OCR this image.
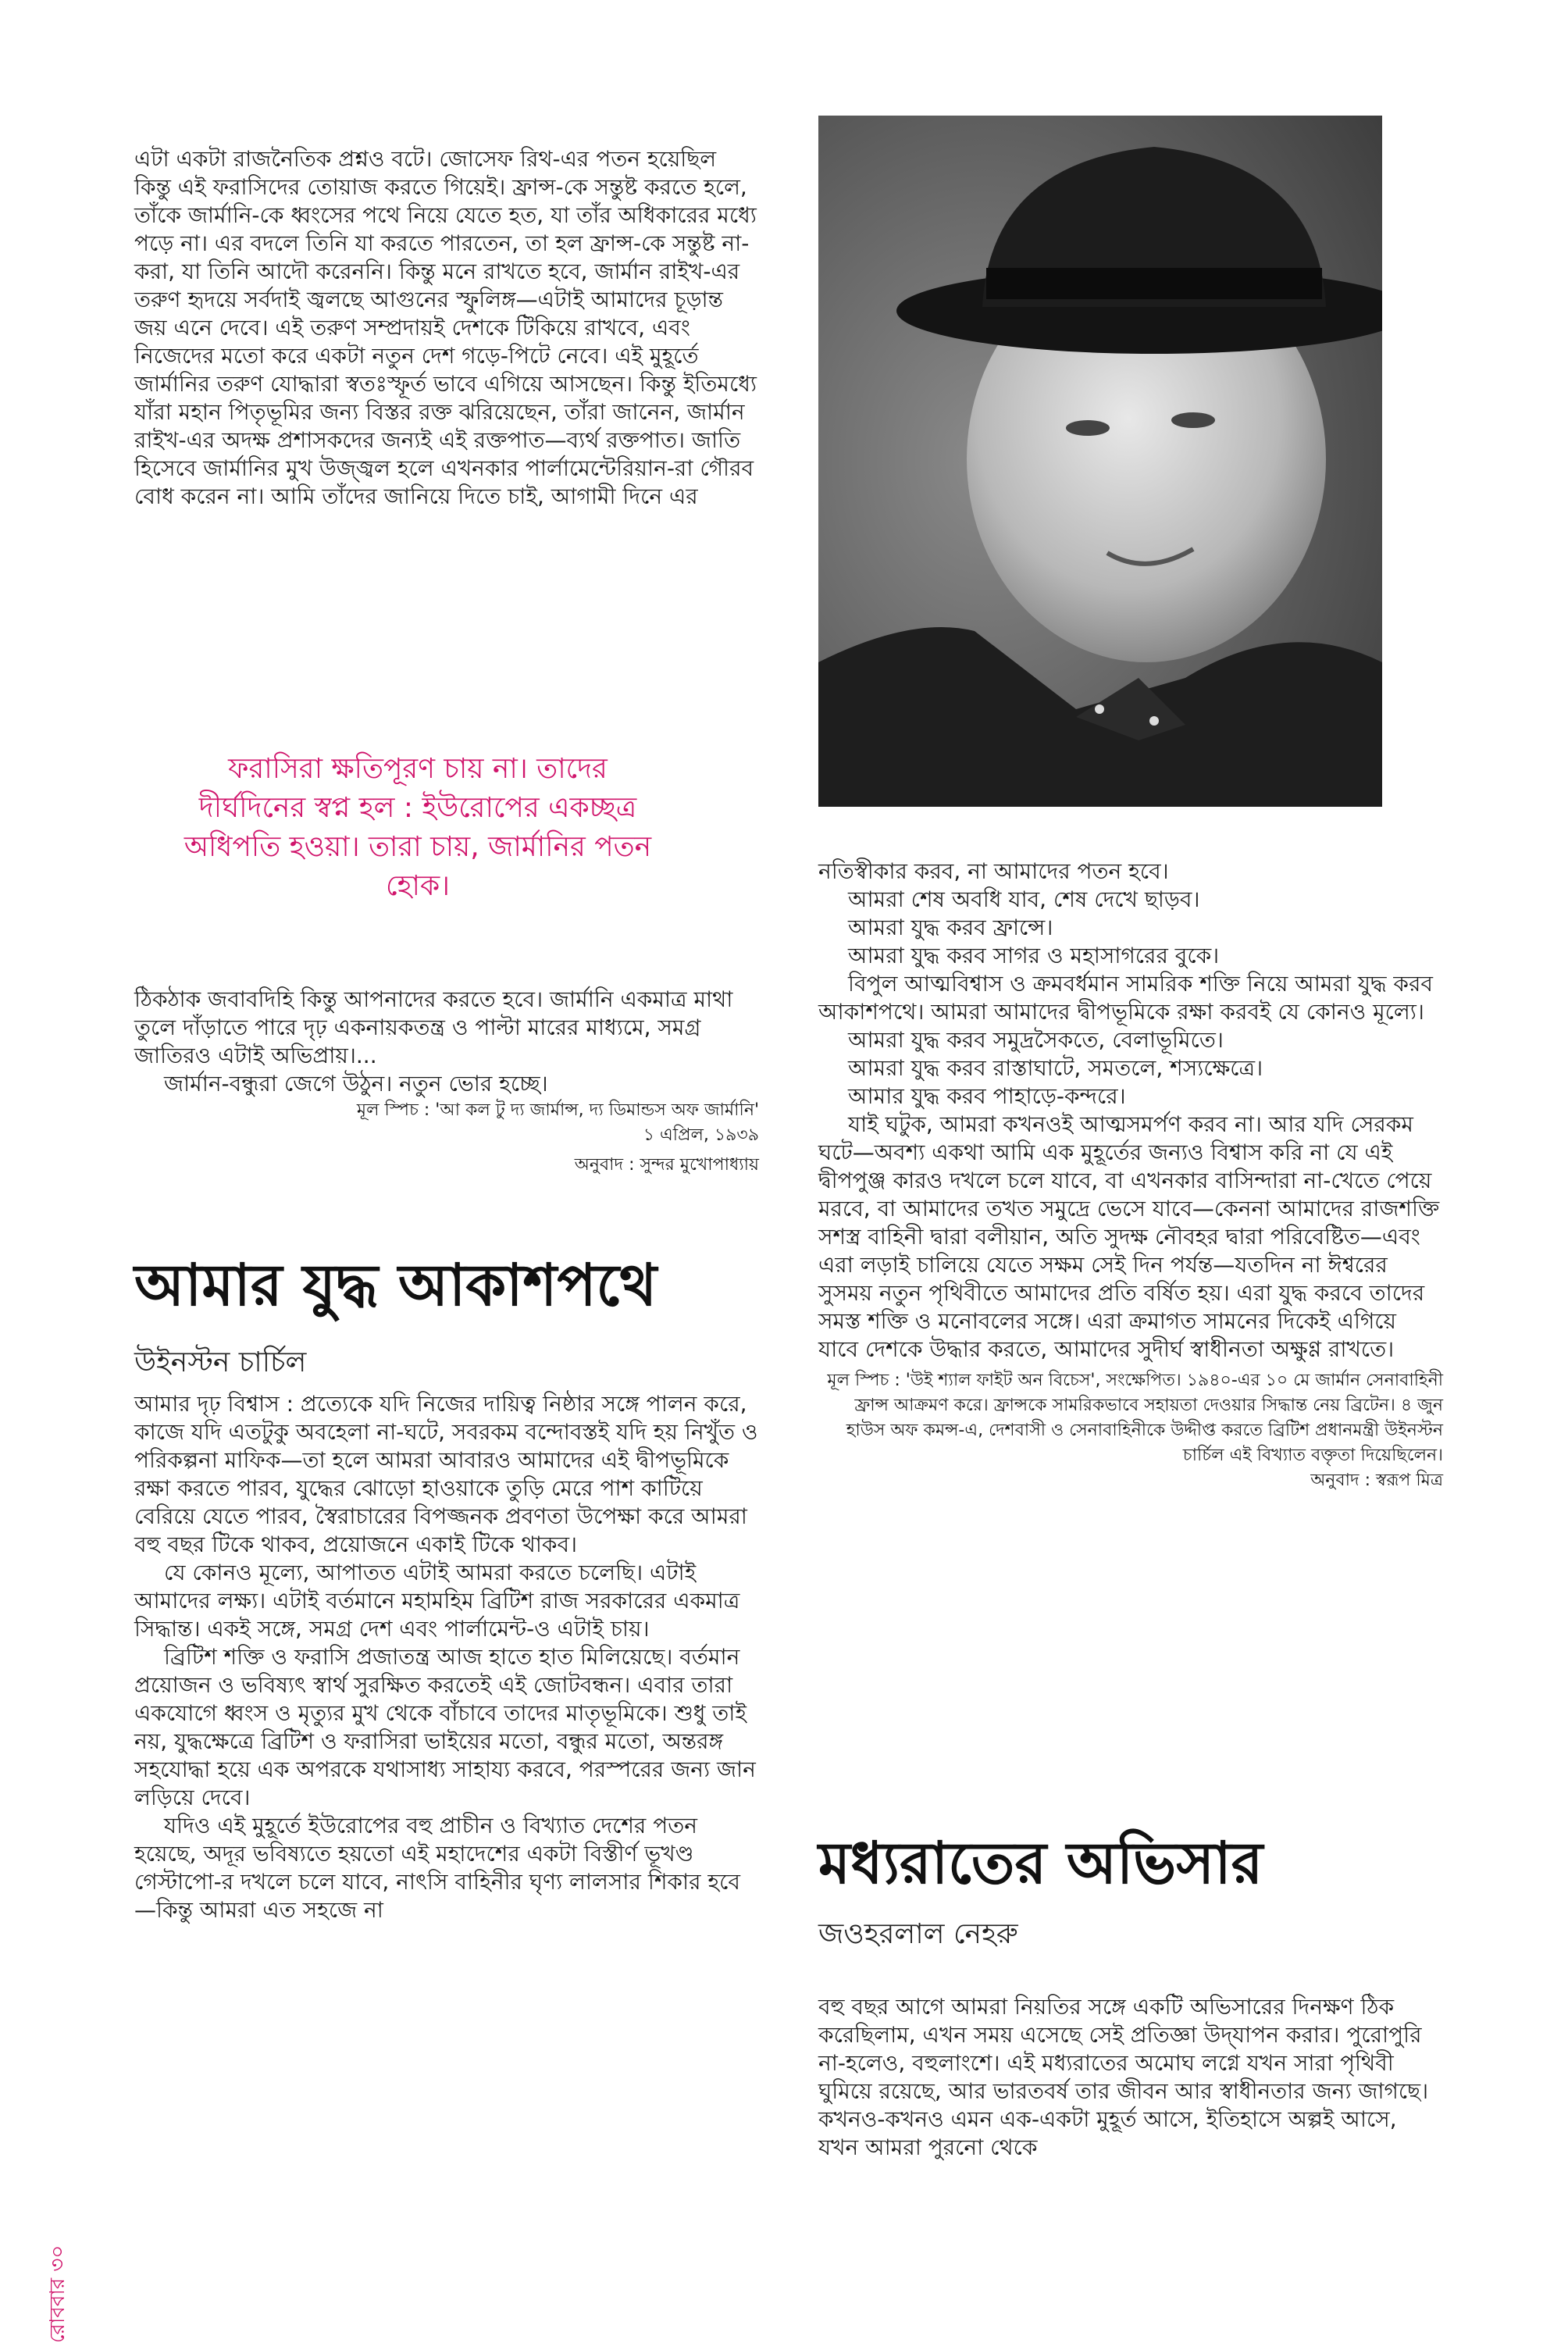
এটা একটা রাজনৈতিক প্রশ্নও বটে। জোসেফ রিথ-এর পতন হয়েছিল কিন্তু এই ফরাসিদের তোয়াজ করতে গিয়েই। ফ্রান্স-কে সন্তুষ্ট করতে হলে, তাঁকে জার্মানি-কে ধ্বংসের পথে নিয়ে যেতে হত, যা তাঁর অধিকারের মধ্যে পড়ে না। এর বদলে তিনি যা করতে পারতেন, তা হল ফ্রান্স-কে সন্তুষ্ট না-করা, যা তিনি আদৌ করেননি। কিন্তু মনে রাখতে হবে, জার্মান রাইখ-এর তরুণ হৃদয়ে সর্বদাই জ্বলছে আগুনের স্ফুলিঙ্গ—এটাই আমাদের চূড়ান্ত জয় এনে দেবে। এই তরুণ সম্প্রদায়ই দেশকে টিকিয়ে রাখবে, এবং নিজেদের মতো করে একটা নতুন দেশ গড়ে-পিটে নেবে। এই মুহূর্তে জার্মানির তরুণ যোদ্ধারা স্বতঃস্ফূর্ত ভাবে এগিয়ে আসছেন। কিন্তু ইতিমধ্যে যাঁরা মহান পিতৃভূমির জন্য বিস্তর রক্ত ঝরিয়েছেন, তাঁরা জানেন, জার্মান রাইখ-এর অদক্ষ প্রশাসকদের জন্যই এই রক্তপাত—ব্যর্থ রক্তপাত। জাতি হিসেবে জার্মানির মুখ উজ্জ্বল হলে এখনকার পার্লামেন্টেরিয়ান-রা গৌরব বোধ করেন না। আমি তাঁদের জানিয়ে দিতে চাই, আগামী দিনে এর

ফরাসিরা ক্ষতিপূরণ চায় না। তাদের দীর্ঘদিনের স্বপ্ন হল : ইউরোপের একচ্ছত্র অধিপতি হওয়া। তারা চায়, জার্মানির পতন হোক।

ঠিকঠাক জবাবদিহি কিন্তু আপনাদের করতে হবে। জার্মানি একমাত্র মাথা তুলে দাঁড়াতে পারে দৃঢ় একনায়কতন্ত্র ও পাল্টা মারের মাধ্যমে, সমগ্র জাতিরও এটাই অভিপ্রায়।...

জার্মান-বন্ধুরা জেগে উঠুন। নতুন ভোর হচ্ছে।

মূল স্পিচ : 'আ কল টু দ্য জার্মান্স, দ্য ডিমান্ডস অফ জার্মানি'

১ এপ্রিল, ১৯৩৯

অনুবাদ : সুন্দর মুখোপাধ্যায়

আমার যুদ্ধ আকাশপথে

উইনস্টন চার্চিল

আমার দৃঢ় বিশ্বাস : প্রত্যেকে যদি নিজের দায়িত্ব নিষ্ঠার সঙ্গে পালন করে, কাজে যদি এতটুকু অবহেলা না-ঘটে, সবরকম বন্দোবস্তই যদি হয় নিখুঁত ও পরিকল্পনা মাফিক—তা হলে আমরা আবারও আমাদের এই দ্বীপভূমিকে রক্ষা করতে পারব, যুদ্ধের ঝোড়ো হাওয়াকে তুড়ি মেরে পাশ কাটিয়ে বেরিয়ে যেতে পারব, স্বৈরাচারের বিপজ্জনক প্রবণতা উপেক্ষা করে আমরা বহু বছর টিকে থাকব, প্রয়োজনে একাই টিকে থাকব।

যে কোনও মূল্যে, আপাতত এটাই আমরা করতে চলেছি। এটাই আমাদের লক্ষ্য। এটাই বর্তমানে মহামহিম ব্রিটিশ রাজ সরকারের একমাত্র সিদ্ধান্ত। একই সঙ্গে, সমগ্র দেশ এবং পার্লামেন্ট-ও এটাই চায়।

ব্রিটিশ শক্তি ও ফরাসি প্রজাতন্ত্র আজ হাতে হাত মিলিয়েছে। বর্তমান প্রয়োজন ও ভবিষ্যৎ স্বার্থ সুরক্ষিত করতেই এই জোটবন্ধন। এবার তারা একযোগে ধ্বংস ও মৃত্যুর মুখ থেকে বাঁচাবে তাদের মাতৃভূমিকে। শুধু তাই নয়, যুদ্ধক্ষেত্রে ব্রিটিশ ও ফরাসিরা ভাইয়ের মতো, বন্ধুর মতো, অন্তরঙ্গ সহযোদ্ধা হয়ে এক অপরকে যথাসাধ্য সাহায্য করবে, পরস্পরের জন্য জান লড়িয়ে দেবে।

যদিও এই মুহূর্তে ইউরোপের বহু প্রাচীন ও বিখ্যাত দেশের পতন হয়েছে, অদূর ভবিষ্যতে হয়তো এই মহাদেশের একটা বিস্তীর্ণ ভূখণ্ড গেস্টাপো-র দখলে চলে যাবে, নাৎসি বাহিনীর ঘৃণ্য লালসার শিকার হবে—কিন্তু আমরা এত সহজে না

নতিস্বীকার করব, না আমাদের পতন হবে।

আমরা শেষ অবধি যাব, শেষ দেখে ছাড়ব।

আমরা যুদ্ধ করব ফ্রান্সে।

আমরা যুদ্ধ করব সাগর ও মহাসাগরের বুকে।

বিপুল আত্মবিশ্বাস ও ক্রমবর্ধমান সামরিক শক্তি নিয়ে আমরা যুদ্ধ করব আকাশপথে। আমরা আমাদের দ্বীপভূমিকে রক্ষা করবই যে কোনও মূল্যে।

আমরা যুদ্ধ করব সমুদ্রসৈকতে, বেলাভূমিতে।

আমরা যুদ্ধ করব রাস্তাঘাটে, সমতলে, শস্যক্ষেত্রে।

আমার যুদ্ধ করব পাহাড়ে-কন্দরে।

যাই ঘটুক, আমরা কখনওই আত্মসমর্পণ করব না। আর যদি সেরকম ঘটে—অবশ্য একথা আমি এক মুহূর্তের জন্যও বিশ্বাস করি না যে এই দ্বীপপুঞ্জ কারও দখলে চলে যাবে, বা এখনকার বাসিন্দারা না-খেতে পেয়ে মরবে, বা আমাদের তখত সমুদ্রে ভেসে যাবে—কেননা আমাদের রাজশক্তি সশস্ত্র বাহিনী দ্বারা বলীয়ান, অতি সুদক্ষ নৌবহর দ্বারা পরিবেষ্টিত—এবং এরা লড়াই চালিয়ে যেতে সক্ষম সেই দিন পর্যন্ত—যতদিন না ঈশ্বরের সুসময় নতুন পৃথিবীতে আমাদের প্রতি বর্ষিত হয়। এরা যুদ্ধ করবে তাদের সমস্ত শক্তি ও মনোবলের সঙ্গে। এরা ক্রমাগত সামনের দিকেই এগিয়ে যাবে দেশকে উদ্ধার করতে, আমাদের সুদীর্ঘ স্বাধীনতা অক্ষুণ্ণ রাখতে।

মূল স্পিচ : 'উই শ্যাল ফাইট অন বিচেস', সংক্ষেপিত। ১৯৪০-এর ১০ মে জার্মান সেনাবাহিনী ফ্রান্স আক্রমণ করে। ফ্রান্সকে সামরিকভাবে সহায়তা দেওয়ার সিদ্ধান্ত নেয় ব্রিটেন। ৪ জুন হাউস অফ কমন্স-এ, দেশবাসী ও সেনাবাহিনীকে উদ্দীপ্ত করতে ব্রিটিশ প্রধানমন্ত্রী উইনস্টন চার্চিল এই বিখ্যাত বক্তৃতা দিয়েছিলেন।

অনুবাদ : স্বরূপ মিত্র

মধ্যরাতের অভিসার

জওহরলাল নেহরু

বহু বছর আগে আমরা নিয়তির সঙ্গে একটি অভিসারের দিনক্ষণ ঠিক করেছিলাম, এখন সময় এসেছে সেই প্রতিজ্ঞা উদ্‌যাপন করার। পুরোপুরি না-হলেও, বহুলাংশে। এই মধ্যরাতের অমোঘ লগ্নে যখন সারা পৃথিবী ঘুমিয়ে রয়েছে, আর ভারতবর্ষ তার জীবন আর স্বাধীনতার জন্য জাগছে। কখনও-কখনও এমন এক-একটা মুহূর্ত আসে, ইতিহাসে অল্পই আসে, যখন আমরা পুরনো থেকে

রোববার ৩০
